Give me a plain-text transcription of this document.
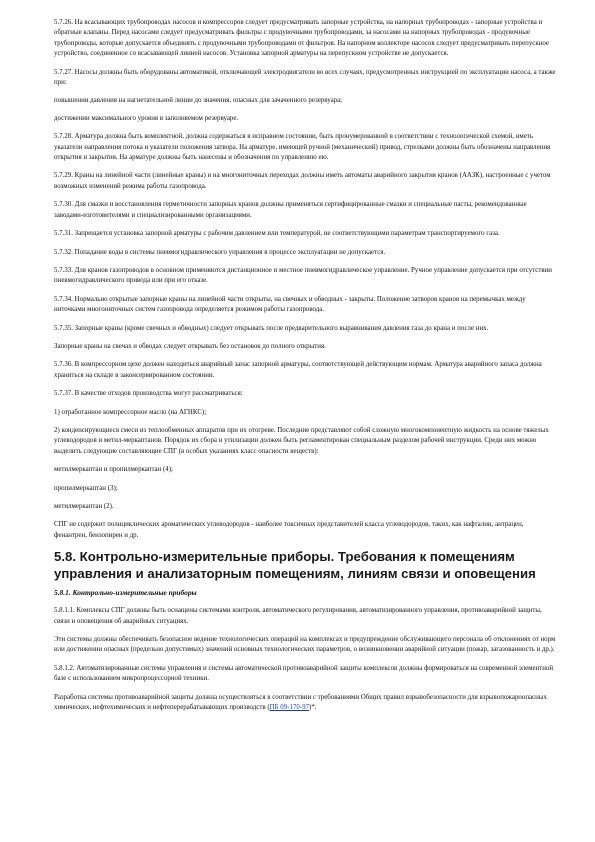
5.7.26. На всасывающих трубопроводах насосов и компрессоров следует предусматривать запорные устройства, на напорных трубопроводах - запорные устройства и обратные клапаны. Перед насосами следует предусматривать фильтры с продувочными трубопроводами, за насосами на напорных трубопроводах - продувочные трубопроводы, которые допускается объединять с продувочными трубопроводами от фильтров. На напорном коллекторе насосов следует предусматривать перепускное устройство, соединенное со всасывающей линией насосов. Установка запорной арматуры на перепускном устройстве не допускается.

5.7.27. Насосы должны быть оборудованы автоматикой, отключающей электродвигатели во всех случаях, предусмотренных инструкцией по эксплуатации насоса, а также при:

повышении давления на нагнетательной линии до значения, опасных для зачаченного резервуара;

достижении максимального уровня в заполняемом резервуаре.

5.7.28. Арматура должна быть комплектной, должна содержаться в исправном состоянии, быть пронумерованной в соответствии с технологической схемой, иметь указатели направления потока и указатели положения затвора. На арматуре, имеющей ручной (механический) привод, стрелками должны быть обозначены направления открытия и закрытия. На арматуре должны быть нанесены и обозначения по управлению ею.

5.7.29. Краны на линейной части (линейные краны) и на многониточных переходах должны иметь автоматы аварийного закрытия кранов (ААЗК), настроенные с учетом возможных изменений режима работы газопровода.

5.7.30. Для смазки и восстановления герметичности запорных кранов должны применяться сертифицированные смазки и специальные пасты, рекомендованные заводами-изготовителями и специализированными организациями.

5.7.31. Запрещается установка запорной арматуры с рабочим давлением или температурой, не соответствующими параметрам транспортируемого газа.

5.7.32. Попадание воды в системы пневмогидравлического управления в процессе эксплуатации не допускается.

5.7.33. Для кранов газопроводов в основном применяются дистанционное и местное пневмогидравлическое управление. Ручное управление допускается при отсутствии пневмогидравлического привода или при его отказе.

5.7.34. Нормально открытые запорные краны на линейной части открыты, на свечных и обводных - закрыты. Положение затворов кранов на перемычках между ниточками многониточных систем газопровода определяется режимом работы газопровода.

5.7.35. Запорные краны (кроме свечных и обводных) следует открывать после предварительного выравнивания давления газа до крана и после них.

Запорные краны на свечах и обводах следует открывать без остановок до полного открытия.

5.7.36. В компрессорном цехе должен находиться аварийный запас запорной арматуры, соответствующей действующим нормам. Арматура аварийного запаса должна храниться на складе в законсервированном состоянии.

5.7.37. В качестве отходов производства могут рассматриваться:

1) отработанное компрессорное масло (на АГНКС);

2) конденсирующиеся смеси из теплообменных аппаратов при их отогреве. Последние представляют собой сложную многокомпонентную жидкость на основе тяжелых углеводородов и метил-меркаптанов. Порядок их сбора и утилизации должен быть регламентирован специальным разделом рабочей инструкции. Среди них можно выделить следующие составляющие СПГ (в особых указаниях класс опасности веществ):

метилмеркаптан и пропилмеркаптан (4);

пропилмеркаптан (3);

метилмеркаптан (2).

СПГ не содержит полициклических ароматических углеводородов - наиболее токсичных представителей класса углеводородов, таких, как нафталин, антрацен, фенантрен, бензопирен и др.

5.8. Контрольно-измерительные приборы. Требования к помещениям управления и анализаторным помещениям, линиям связи и оповещения
5.8.1. Контрольно-измерительные приборы

5.8.1.1. Комплексы СПГ должны быть оснащены системами контроля, автоматического регулирования, автоматизированного управления, противоаварийной защиты, связи и оповещения об аварийных ситуациях.

Эти системы должны обеспечивать безопасное ведение технологических операций на комплексах и предупреждение обслуживающего персонала об отклонениях от норм или достижении опасных (предельно допустимых) значений основных технологических параметров, о возникновении аварийной ситуации (пожар, загазованность и др.).

5.8.1.2. Автоматизированные системы управления и системы автоматической противоаварийной защиты комплексов должны формироваться на современной элементной базе с использованием микропроцессорной техники.

Разработка системы противоаварийной защиты должна осуществляться в соответствии с требованиями Общих правил взрывобезопасности для взрывопожароопасных химических, нефтехимических и нефтеперерабатывающих производств (ПБ 09-170-97)*.
